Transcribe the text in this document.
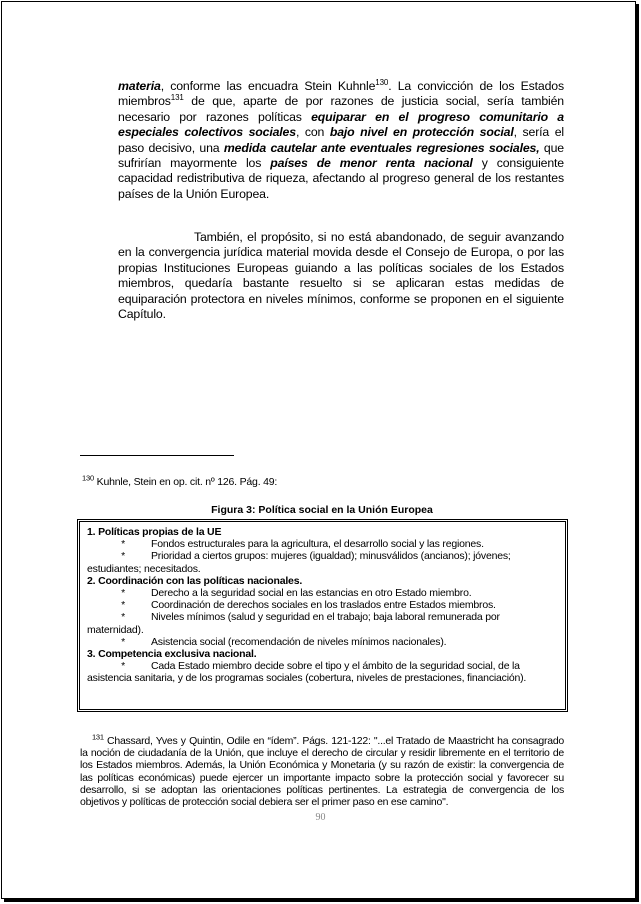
materia, conforme las encuadra Stein Kuhnle$^{130}$. La convicción de los Estados miembros$^{131}$ de que, aparte de por razones de justicia social, sería también necesario por razones políticas equiparar en el progreso comunitario a especiales colectivos sociales, con bajo nivel en protección social, sería el paso decisivo, una medida cautelar ante eventuales regresiones sociales, que sufrirían mayormente los países de menor renta nacional y consiguiente capacidad redistributiva de riqueza, afectando al progreso general de los restantes países de la Unión Europea.

También, el propósito, si no está abandonado, de seguir avanzando en la convergencia jurídica material movida desde el Consejo de Europa, o por las propias Instituciones Europeas guiando a las políticas sociales de los Estados miembros, quedaría bastante resuelto si se aplicaran estas medidas de equiparación protectora en niveles mínimos, conforme se proponen en el siguiente Capítulo.

$^{130}$ Kuhnle, Stein en op. cit. nº 126. Pág. 49:
Figura 3: Política social en la Unión Europea
1. Políticas propias de la UE
*	Fondos estructurales para la agricultura, el desarrollo social y las regiones.
* Prioridad a ciertos grupos: mujeres (igualdad); minusválidos (ancianos); jóvenes; estudiantes; necesitados.
2. Coordinación con las políticas nacionales.
*	Derecho a la seguridad social en las estancias en otro Estado miembro.
*	Coordinación de derechos sociales en los traslados entre Estados miembros.
* Niveles mínimos (salud y seguridad en el trabajo; baja laboral remunerada por maternidad).
*	Asistencia social (recomendación de niveles mínimos nacionales).
3. Competencia exclusiva nacional.
* Cada Estado miembro decide sobre el tipo y el ámbito de la seguridad social, de la asistencia sanitaria, y de los programas sociales (cobertura, niveles de prestaciones, financiación).
$^{131}$ Chassard, Yves y Quintin, Odile en “ídem”. Págs. 121-122: "...el Tratado de Maastricht ha consagrado la noción de ciudadanía de la Unión, que incluye el derecho de circular y residir libremente en el territorio de los Estados miembros. Además, la Unión Económica y Monetaria (y su razón de existir: la convergencia de las políticas económicas) puede ejercer un importante impacto sobre la protección social y favorecer su desarrollo, si se adoptan las orientaciones políticas pertinentes. La estrategia de convergencia de los objetivos y políticas de protección social debiera ser el primer paso en ese camino".
90
